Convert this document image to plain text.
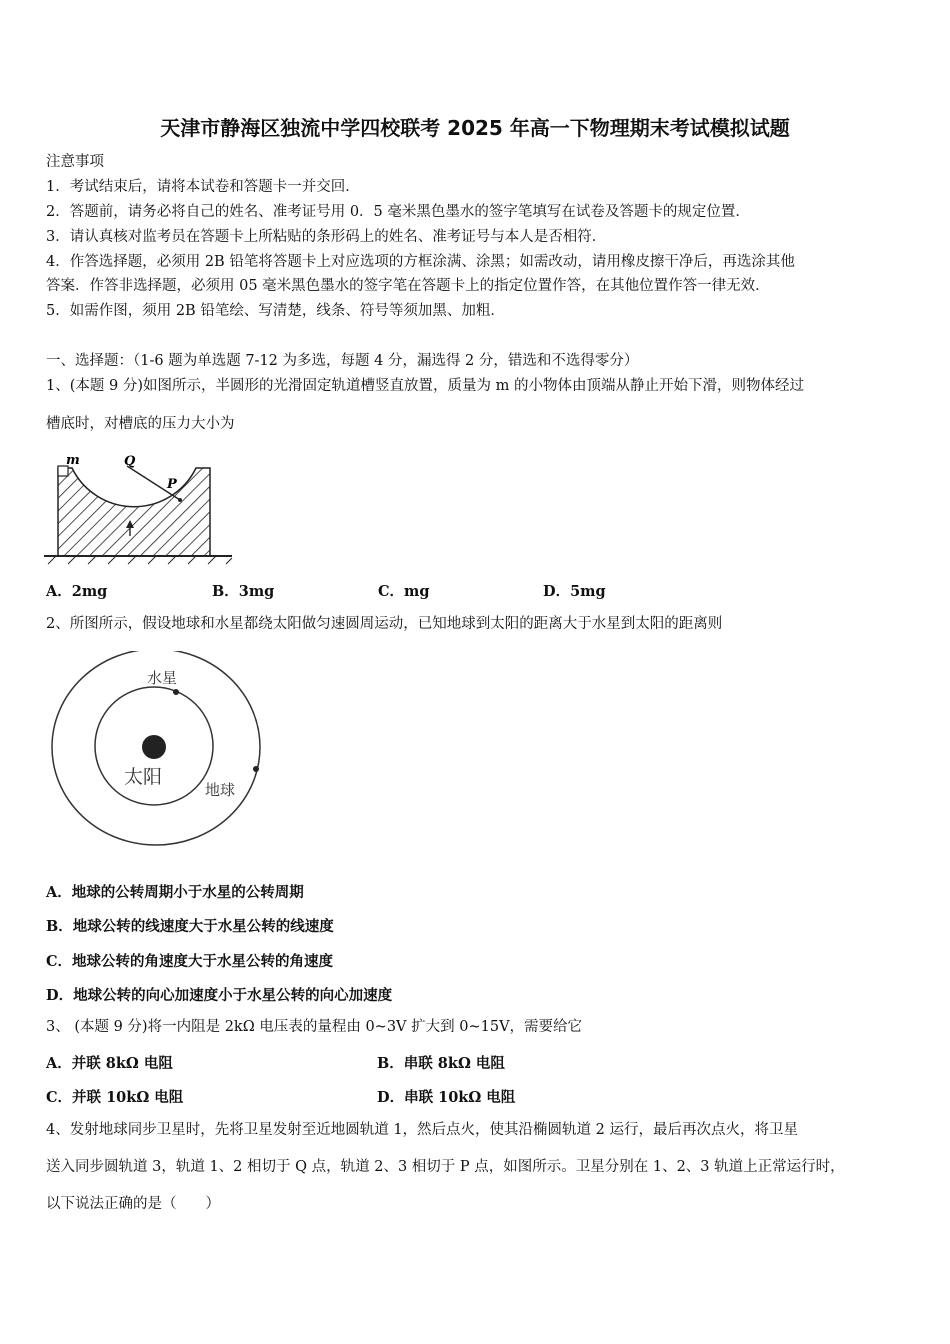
天津市静海区独流中学四校联考 2025 年高一下物理期末考试模拟试题
注意事项
1．考试结束后，请将本试卷和答题卡一并交回．
2．答题前，请务必将自己的姓名、准考证号用 0．5 毫米黑色墨水的签字笔填写在试卷及答题卡的规定位置．
3．请认真核对监考员在答题卡上所粘贴的条形码上的姓名、准考证号与本人是否相符．
4．作答选择题，必须用 2B 铅笔将答题卡上对应选项的方框涂满、涂黑；如需改动，请用橡皮擦干净后，再选涂其他
答案．作答非选择题，必须用 05 毫米黑色墨水的签字笔在答题卡上的指定位置作答，在其他位置作答一律无效．
5．如需作图，须用 2B 铅笔绘、写清楚，线条、符号等须加黑、加粗．
一、选择题：（1-6 题为单选题 7-12 为多选，每题 4 分，漏选得 2 分，错选和不选得零分）
1、(本题 9 分)如图所示，半圆形的光滑固定轨道槽竖直放置，质量为 m 的小物体由顶端从静止开始下滑，则物体经过
槽底时，对槽底的压力大小为
m	Q
P
A．2mg	B．3mg	C．mg	D．5mg
2、所图所示，假设地球和水星都绕太阳做匀速圆周运动，已知地球到太阳的距离大于水星到太阳的距离则
水星
太阳
地球
A．地球的公转周期小于水星的公转周期
B．地球公转的线速度大于水星公转的线速度
C．地球公转的角速度大于水星公转的角速度
D．地球公转的向心加速度小于水星公转的向心加速度
3、 (本题 9 分)将一内阻是 2kΩ 电压表的量程由 0~3V 扩大到 0~15V，需要给它
A．并联 8kΩ 电阻	B．串联 8kΩ 电阻
C．并联 10kΩ 电阻	D．串联 10kΩ 电阻
4、发射地球同步卫星时，先将卫星发射至近地圆轨道 1，然后点火，使其沿椭圆轨道 2 运行，最后再次点火，将卫星
送入同步圆轨道 3，轨道 1、2 相切于 Q 点，轨道 2、3 相切于 P 点，如图所示。卫星分别在 1、2、3 轨道上正常运行时，
以下说法正确的是（　　）
